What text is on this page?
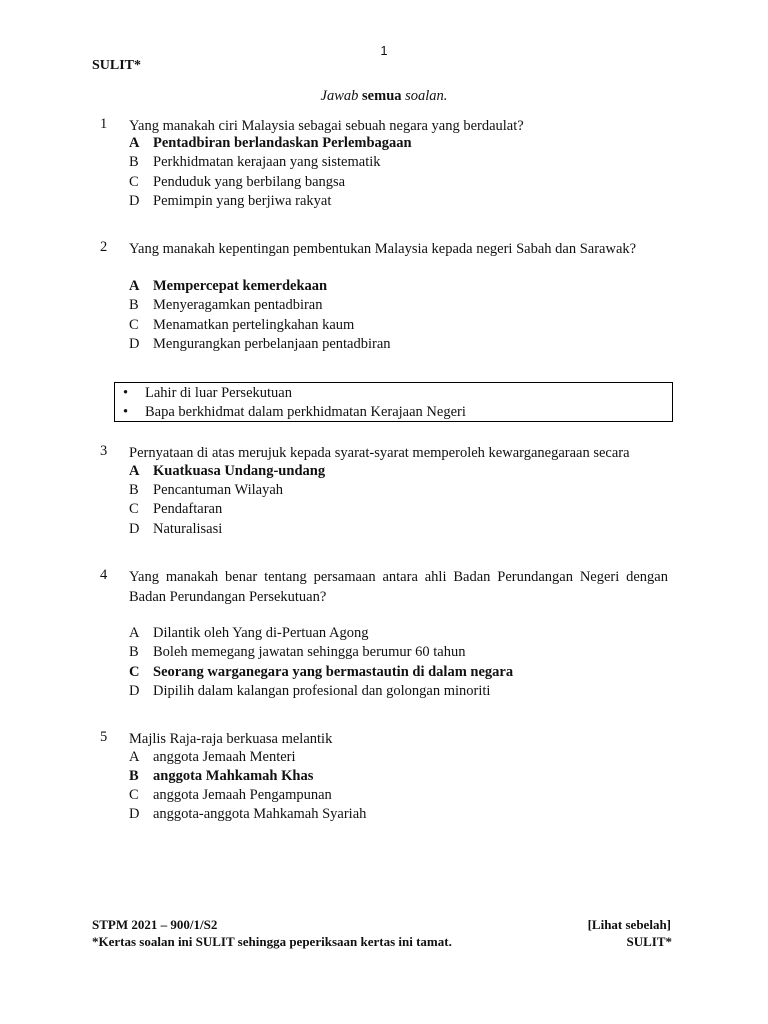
1
SULIT*
Jawab semua soalan.
1 Yang manakah ciri Malaysia sebagai sebuah negara yang berdaulat?
A Pentadbiran berlandaskan Perlembagaan
B Perkhidmatan kerajaan yang sistematik
C Penduduk yang berbilang bangsa
D Pemimpin yang berjiwa rakyat
2 Yang manakah kepentingan pembentukan Malaysia kepada negeri Sabah dan Sarawak?
A Mempercepat kemerdekaan
B Menyeragamkan pentadbiran
C Menamatkan pertelingkahan kaum
D Mengurangkan perbelanjaan pentadbiran
• Lahir di luar Persekutuan
• Bapa berkhidmat dalam perkhidmatan Kerajaan Negeri
3 Pernyataan di atas merujuk kepada syarat-syarat memperoleh kewarganegaraan secara
A Kuatkuasa Undang-undang
B Pencantuman Wilayah
C Pendaftaran
D Naturalisasi
4 Yang manakah benar tentang persamaan antara ahli Badan Perundangan Negeri dengan Badan Perundangan Persekutuan?
A Dilantik oleh Yang di-Pertuan Agong
B Boleh memegang jawatan sehingga berumur 60 tahun
C Seorang warganegara yang bermastautin di dalam negara
D Dipilih dalam kalangan profesional dan golongan minoriti
5 Majlis Raja-raja berkuasa melantik
A anggota Jemaah Menteri
B anggota Mahkamah Khas
C anggota Jemaah Pengampunan
D anggota-anggota Mahkamah Syariah
STPM 2021 – 900/1/S2	[Lihat sebelah]
*Kertas soalan ini SULIT sehingga peperiksaan kertas ini tamat.	SULIT*
